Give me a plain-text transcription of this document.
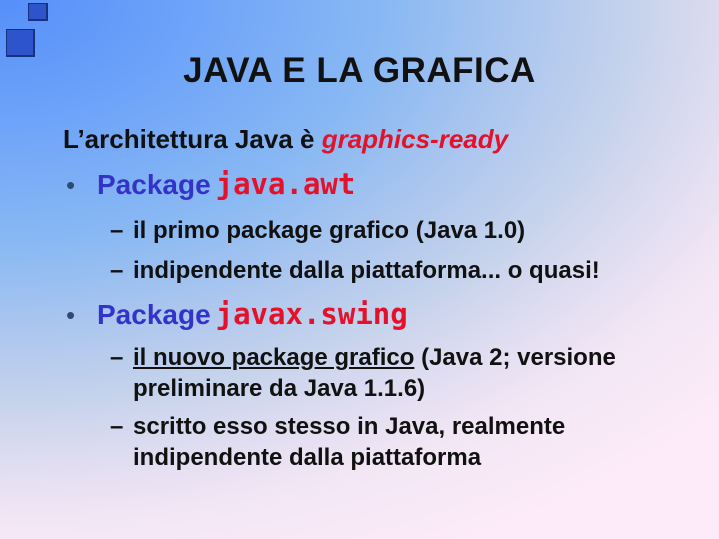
JAVA E LA GRAFICA
L’architettura Java è graphics-ready
• Package java.awt
– il primo package grafico (Java 1.0)
– indipendente dalla piattaforma... o quasi!
• Package javax.swing
– il nuovo package grafico (Java 2; versione preliminare da Java 1.1.6)
– scritto esso stesso in Java, realmente indipendente dalla piattaforma
